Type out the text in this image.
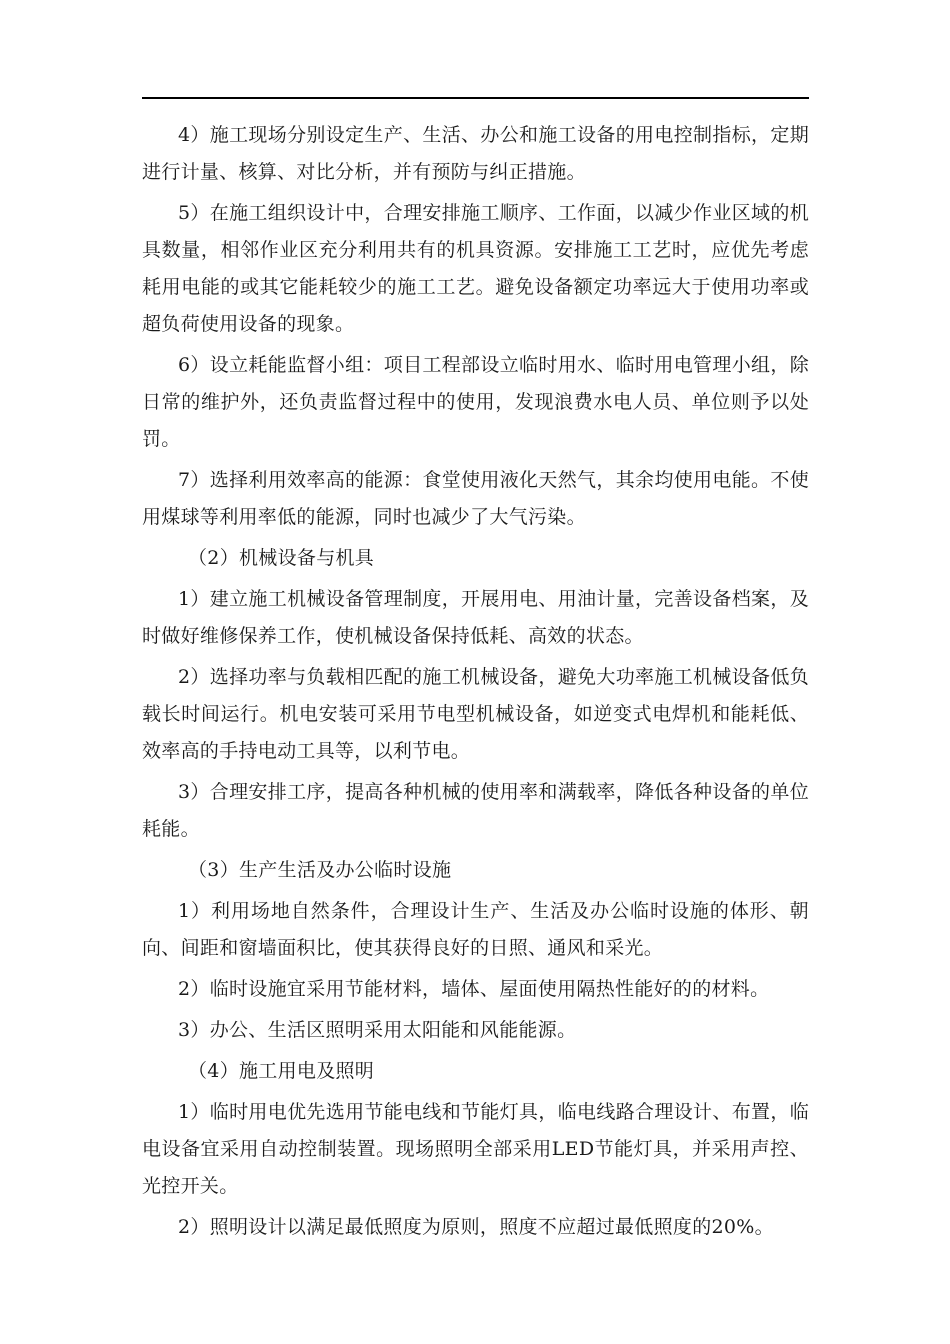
4）施工现场分别设定生产、生活、办公和施工设备的用电控制指标，定期进行计量、核算、对比分析，并有预防与纠正措施。

5）在施工组织设计中，合理安排施工顺序、工作面，以减少作业区域的机具数量，相邻作业区充分利用共有的机具资源。安排施工工艺时，应优先考虑耗用电能的或其它能耗较少的施工工艺。避免设备额定功率远大于使用功率或超负荷使用设备的现象。

6）设立耗能监督小组：项目工程部设立临时用水、临时用电管理小组，除日常的维护外，还负责监督过程中的使用，发现浪费水电人员、单位则予以处罚。

7）选择利用效率高的能源：食堂使用液化天然气，其余均使用电能。不使用煤球等利用率低的能源，同时也减少了大气污染。

（2）机械设备与机具

1）建立施工机械设备管理制度，开展用电、用油计量，完善设备档案，及时做好维修保养工作，使机械设备保持低耗、高效的状态。

2）选择功率与负载相匹配的施工机械设备，避免大功率施工机械设备低负载长时间运行。机电安装可采用节电型机械设备，如逆变式电焊机和能耗低、效率高的手持电动工具等，以利节电。

3）合理安排工序，提高各种机械的使用率和满载率，降低各种设备的单位耗能。

（3）生产生活及办公临时设施

1）利用场地自然条件，合理设计生产、生活及办公临时设施的体形、朝向、间距和窗墙面积比，使其获得良好的日照、通风和采光。

2）临时设施宜采用节能材料，墙体、屋面使用隔热性能好的的材料。

3）办公、生活区照明采用太阳能和风能能源。

（4）施工用电及照明

1）临时用电优先选用节能电线和节能灯具，临电线路合理设计、布置，临电设备宜采用自动控制装置。现场照明全部采用LED节能灯具，并采用声控、光控开关。

2）照明设计以满足最低照度为原则，照度不应超过最低照度的20%。
